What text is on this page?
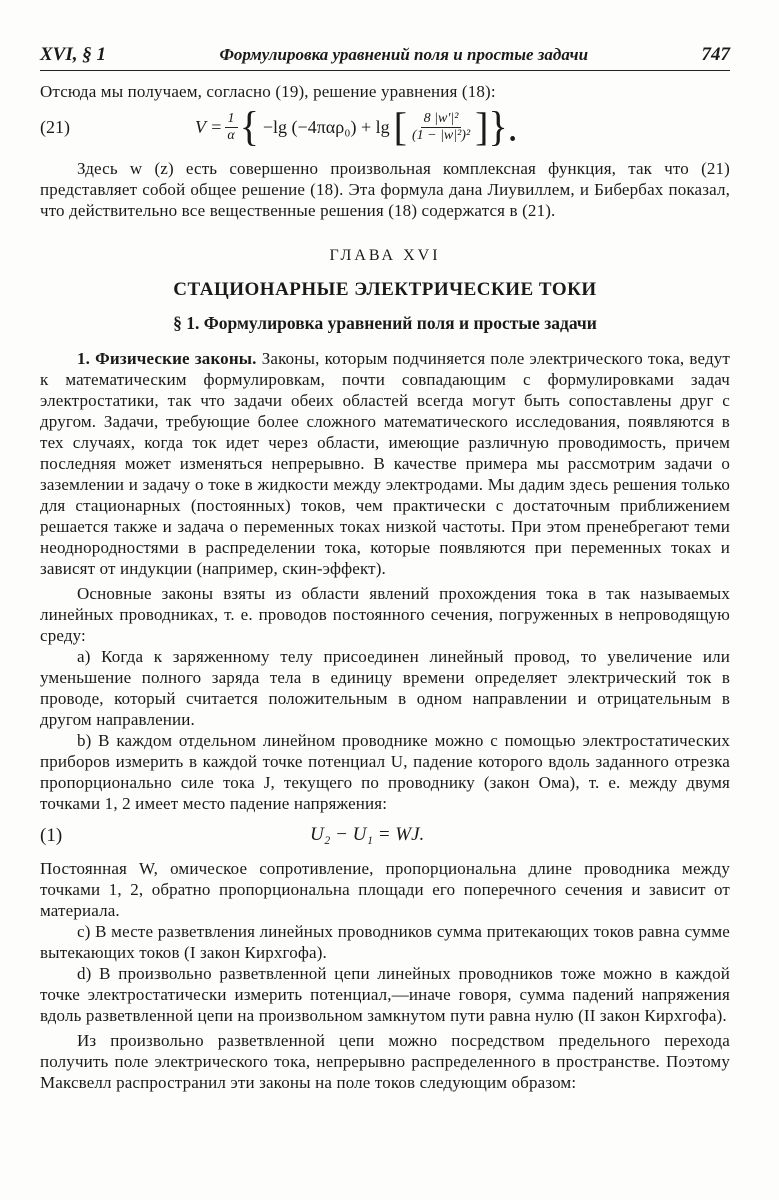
XVI, § 1	Формулировка уравнений поля и простые задачи	747

Отсюда мы получаем, согласно (19), решение уравнения (18):

(21)	$V = \frac{1}{\alpha}$ { −lg (−4παρ₀) + lg [ $\frac{\text{8 |w′|²}}{\text{(1 − |w|²)²}}$ ] }.

Здесь w (z) есть совершенно произвольная комплексная функция, так что (21) представляет собой общее решение (18). Эта формула дана Лиувиллем, и Бибербах показал, что действительно все вещественные решения (18) содержатся в (21).

ГЛАВА XVI
СТАЦИОНАРНЫЕ ЭЛЕКТРИЧЕСКИЕ ТОКИ
§ 1. Формулировка уравнений поля и простые задачи

1. Физические законы. Законы, которым подчиняется поле электрического тока, ведут к математическим формулировкам, почти совпадающим с формулировками задач электростатики, так что задачи обеих областей всегда могут быть сопоставлены друг с другом. Задачи, требующие более сложного математического исследования, появляются в тех случаях, когда ток идет через области, имеющие различную проводимость, причем последняя может изменяться непрерывно. В качестве примера мы рассмотрим задачи о заземлении и задачу о токе в жидкости между электродами. Мы дадим здесь решения только для стационарных (постоянных) токов, чем практически с достаточным приближением решается также и задача о переменных токах низкой частоты. При этом пренебрегают теми неоднородностями в распределении тока, которые появляются при переменных токах и зависят от индукции (например, скин-эффект).

Основные законы взяты из области явлений прохождения тока в так называемых линейных проводниках, т. е. проводов постоянного сечения, погруженных в непроводящую среду:

a) Когда к заряженному телу присоединен линейный провод, то увеличение или уменьшение полного заряда тела в единицу времени определяет электрический ток в проводе, который считается положительным в одном направлении и отрицательным в другом направлении.

b) В каждом отдельном линейном проводнике можно с помощью электростатических приборов измерить в каждой точке потенциал U, падение которого вдоль заданного отрезка пропорционально силе тока J, текущего по проводнику (закон Ома), т. е. между двумя точками 1, 2 имеет место падение напряжения:

(1)	U₂ − U₁ = WJ.

Постоянная W, омическое сопротивление, пропорциональна длине проводника между точками 1, 2, обратно пропорциональна площади его поперечного сечения и зависит от материала.

c) В месте разветвления линейных проводников сумма притекающих токов равна сумме вытекающих токов (I закон Кирхгофа).

d) В произвольно разветвленной цепи линейных проводников тоже можно в каждой точке электростатически измерить потенциал,—иначе говоря, сумма падений напряжения вдоль разветвленной цепи на произвольном замкнутом пути равна нулю (II закон Кирхгофа).

Из произвольно разветвленной цепи можно посредством предельного перехода получить поле электрического тока, непрерывно распределенного в пространстве. Поэтому Максвелл распространил эти законы на поле токов следующим образом:
